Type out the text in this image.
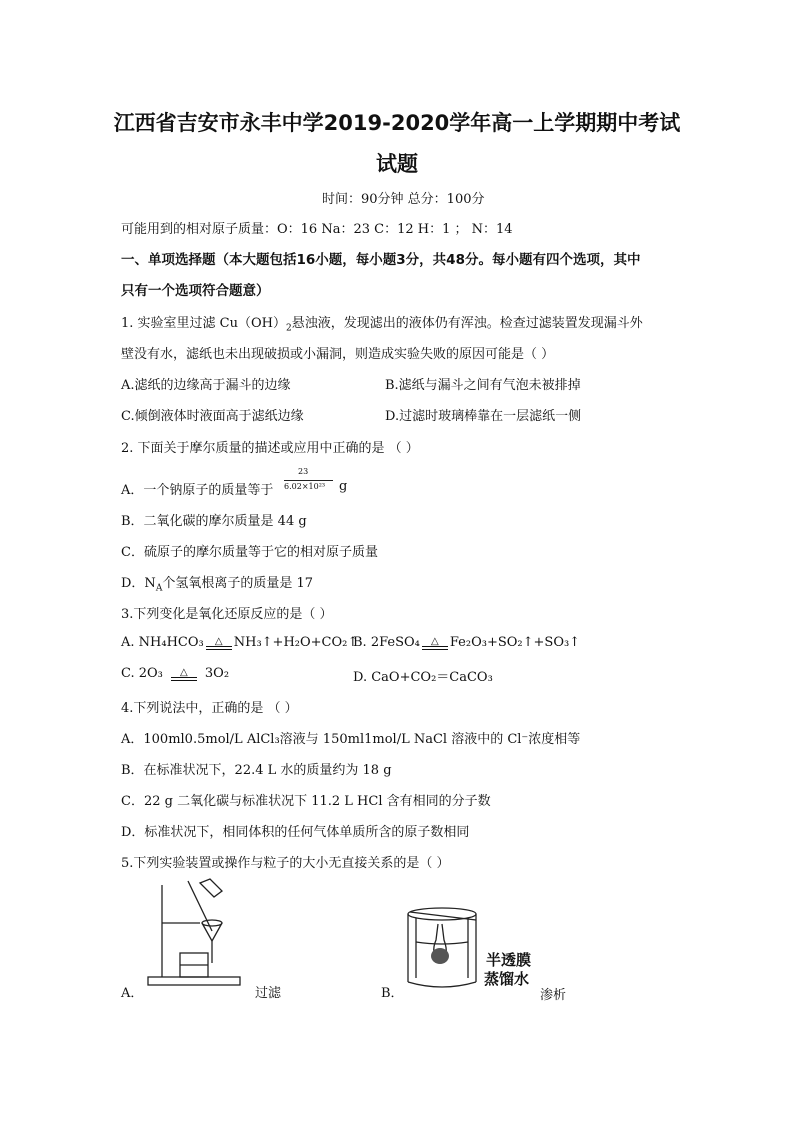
江西省吉安市永丰中学2019-2020学年高一上学期期中考试
试题
时间：90分钟 总分：100分
可能用到的相对原子质量：O：16 Na：23 C：12 H：1 ； N：14
一、单项选择题（本大题包括16小题，每小题3分，共48分。每小题有四个选项，其中
只有一个选项符合题意）
1. 实验室里过滤 $Cu(OH)_2$悬浊液，发现滤出的液体仍有浑浊。检查过滤装置发现漏斗外
壁没有水，滤纸也未出现破损或小漏洞，则造成实验失败的原因可能是（ ）
A.滤纸的边缘高于漏斗的边缘	B.滤纸与漏斗之间有气泡未被排掉
C.倾倒液体时液面高于滤纸边缘	D.过滤时玻璃棒靠在一层滤纸一侧
2. 下面关于摩尔质量的描述或应用中正确的是 （ ）
A．一个钠原子的质量等于
23
6.02×10²³ g
B．二氧化碳的摩尔质量是 44 g
C．硫原子的摩尔质量等于它的相对原子质量
D．$N_A$个氢氧根离子的质量是 17
3.下列变化是氧化还原反应的是（ ）
A. NH₄HCO₃ △ NH₃↑+H₂O+CO₂↑
B. 2FeSO₄ △ Fe₂O₃+SO₂↑+SO₃↑
C. 2O₃ △ 3O₂	D. CaO+CO₂＝CaCO₃
4.下列说法中，正确的是 （ ）
A．100ml0.5mol/L AlCl₃溶液与 150ml1mol/L NaCl 溶液中的 Cl⁻浓度相等
B．在标准状况下，22.4 L 水的质量约为 18 g
C．22 g 二氧化碳与标准状况下 11.2 L HCl 含有相同的分子数
D．标准状况下，相同体积的任何气体单质所含的原子数相同
5.下列实验装置或操作与粒子的大小无直接关系的是（ ）
A．	过滤
半透膜
蒸馏水
B．	渗析
